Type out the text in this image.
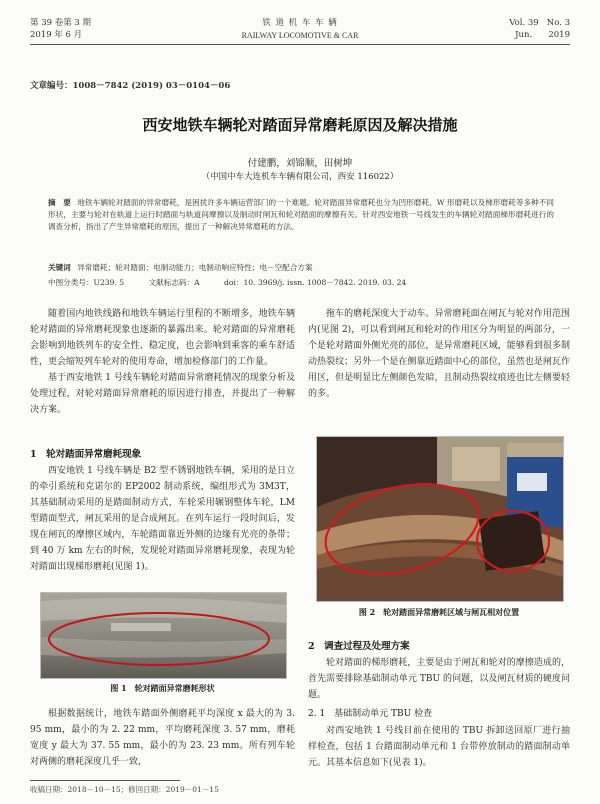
第 39 卷第 3 期
2019 年 6 月
铁 道 机 车 车 辆
RAILWAY LOCOMOTIVE & CAR
Vol. 39   No. 3
Jun.      2019
文章编号：1008－7842 (2019) 03－0104－06
西安地铁车辆轮对踏面异常磨耗原因及解决措施
付建鹏，刘锦顺，田树坤
（中国中车大连机车车辆有限公司，西安 116022）
摘　要 地铁车辆轮对踏面的异常磨耗，是困扰许多车辆运营部门的一个难题。轮对踏面异常磨耗也分为凹形磨耗、W 形磨耗以及梯形磨耗等多种不同形状，主要与轮对在轨道上运行时踏面与轨道间摩擦以及制动时闸瓦和轮对踏面的摩擦有关。针对西安地铁一号线发生的车辆轮对踏面梯形磨耗进行的调查分析，指出了产生异常磨耗的原因，提出了一种解决异常磨耗的方法。
关键词 异常磨耗；轮对踏面；电制动能力；电制动响应特性；电－空配合方案
中图分类号：U239. 5	文献标志码：A	doi：10. 3969/j. issn. 1008－7842. 2019. 03. 24

随着国内地铁线路和地铁车辆运行里程的不断增多，地铁车辆轮对踏面的异常磨耗现象也逐渐的暴露出来。轮对踏面的异常磨耗会影响到地铁列车的安全性、稳定度，也会影响到乘客的乘车舒适性，更会缩短列车轮对的使用寿命，增加检修部门的工作量。

基于西安地铁 1 号线车辆轮对踏面异常磨耗情况的现象分析及处理过程，对轮对踏面异常磨耗的原因进行排查，并提出了一种解决方案。

1　轮对踏面异常磨耗现象

西安地铁 1 号线车辆是 B2 型不锈钢地铁车辆，采用的是日立的牵引系统和克诺尔的 EP2002 制动系统，编组形式为 3M3T，其基础制动采用的是踏面制动方式，车轮采用辗钢整体车轮，LM 型踏面型式，闸瓦采用的是合成闸瓦。在列车运行一段时间后，发现在闸瓦的摩擦区域内，车轮踏面靠近外侧的边缘有光亮的条带；到 40 万 km 左右的时候，发现轮对踏面异常磨耗现象，表现为轮对踏面出现梯形磨耗(见图 1)。

图 1　轮对踏面异常磨耗形状

根据数据统计，地铁车踏面外侧磨耗平均深度 x 最大的为 3. 95 mm，最小的为 2. 22 mm，平均磨耗深度 3. 57 mm，磨耗宽度 y 最大为 37. 55 mm，最小的为 23. 23 mm。所有列车轮对两侧的磨耗深度几乎一致，

拖车的磨耗深度大于动车。异常磨耗面在闸瓦与轮对作用范围内(见图 2)，可以看到闸瓦和轮对的作用区分为明显的两部分，一个是轮对踏面外侧光亮的部位，是异常磨耗区域，能够看到很多制动热裂纹；另外一个是在侧靠近踏面中心的部位，虽然也是闸瓦作用区，但是明显比左侧颜色发暗，且制动热裂纹痕迹也比左侧要轻的多。

图 2　轮对踏面异常磨耗区域与闸瓦相对位置
2　调查过程及处理方案

轮对踏面的梯形磨耗，主要是由于闸瓦和轮对的摩擦造成的，首先需要排除基础制动单元 TBU 的问题，以及闸瓦材质的硬度问题。

2. 1　基础制动单元 TBU 检查

对西安地铁 1 号线目前在使用的 TBU 拆卸送回原厂进行抽样检查，包括 1 台踏面制动单元和 1 台带停放制动的踏面制动单元。其基本信息如下(见表 1)。

收稿日期：2018－10－15；修回日期：2019－01－15
